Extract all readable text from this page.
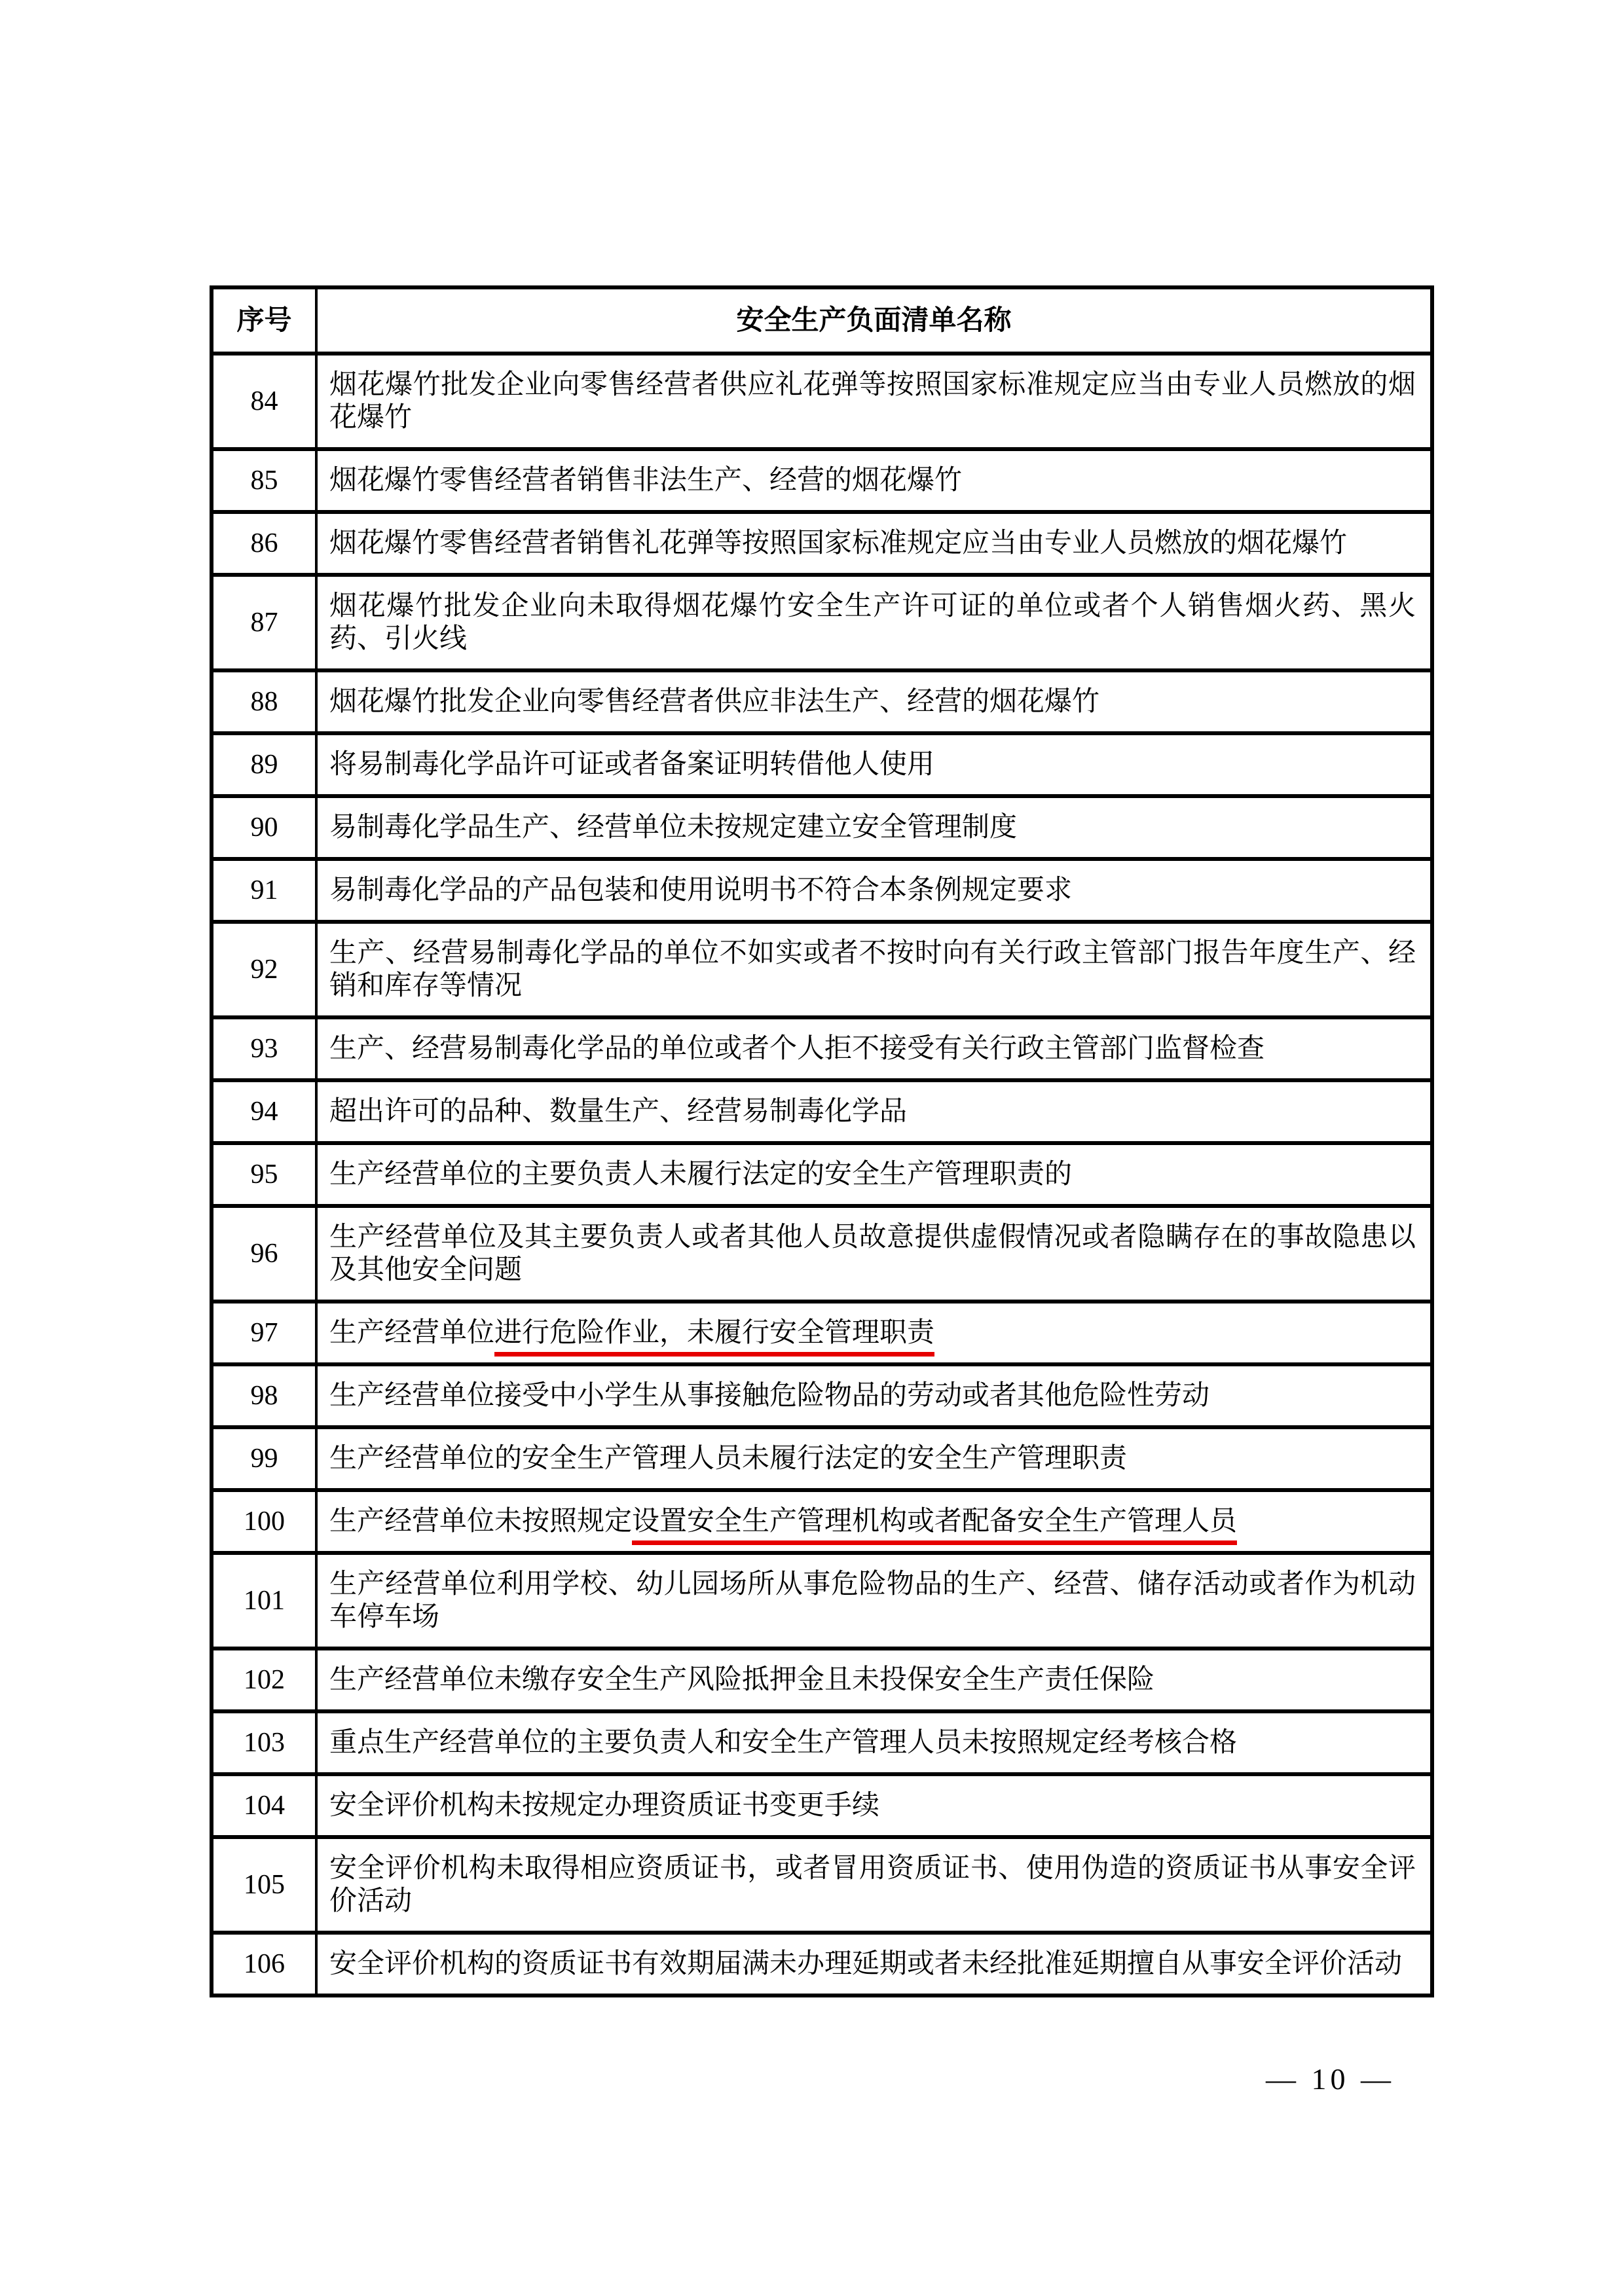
序号	安全生产负面清单名称
84	烟花爆竹批发企业向零售经营者供应礼花弹等按照国家标准规定应当由专业人员燃放的烟花爆竹
85	烟花爆竹零售经营者销售非法生产、经营的烟花爆竹
86	烟花爆竹零售经营者销售礼花弹等按照国家标准规定应当由专业人员燃放的烟花爆竹
87	烟花爆竹批发企业向未取得烟花爆竹安全生产许可证的单位或者个人销售烟火药、黑火药、引火线
88	烟花爆竹批发企业向零售经营者供应非法生产、经营的烟花爆竹
89	将易制毒化学品许可证或者备案证明转借他人使用
90	易制毒化学品生产、经营单位未按规定建立安全管理制度
91	易制毒化学品的产品包装和使用说明书不符合本条例规定要求
92	生产、经营易制毒化学品的单位不如实或者不按时向有关行政主管部门报告年度生产、经销和库存等情况
93	生产、经营易制毒化学品的单位或者个人拒不接受有关行政主管部门监督检查
94	超出许可的品种、数量生产、经营易制毒化学品
95	生产经营单位的主要负责人未履行法定的安全生产管理职责的
96	生产经营单位及其主要负责人或者其他人员故意提供虚假情况或者隐瞒存在的事故隐患以及其他安全问题
97	生产经营单位进行危险作业，未履行安全管理职责
98	生产经营单位接受中小学生从事接触危险物品的劳动或者其他危险性劳动
99	生产经营单位的安全生产管理人员未履行法定的安全生产管理职责
100	生产经营单位未按照规定设置安全生产管理机构或者配备安全生产管理人员
101	生产经营单位利用学校、幼儿园场所从事危险物品的生产、经营、储存活动或者作为机动车停车场
102	生产经营单位未缴存安全生产风险抵押金且未投保安全生产责任保险
103	重点生产经营单位的主要负责人和安全生产管理人员未按照规定经考核合格
104	安全评价机构未按规定办理资质证书变更手续
105	安全评价机构未取得相应资质证书，或者冒用资质证书、使用伪造的资质证书从事安全评价活动
106	安全评价机构的资质证书有效期届满未办理延期或者未经批准延期擅自从事安全评价活动
— 10 —
